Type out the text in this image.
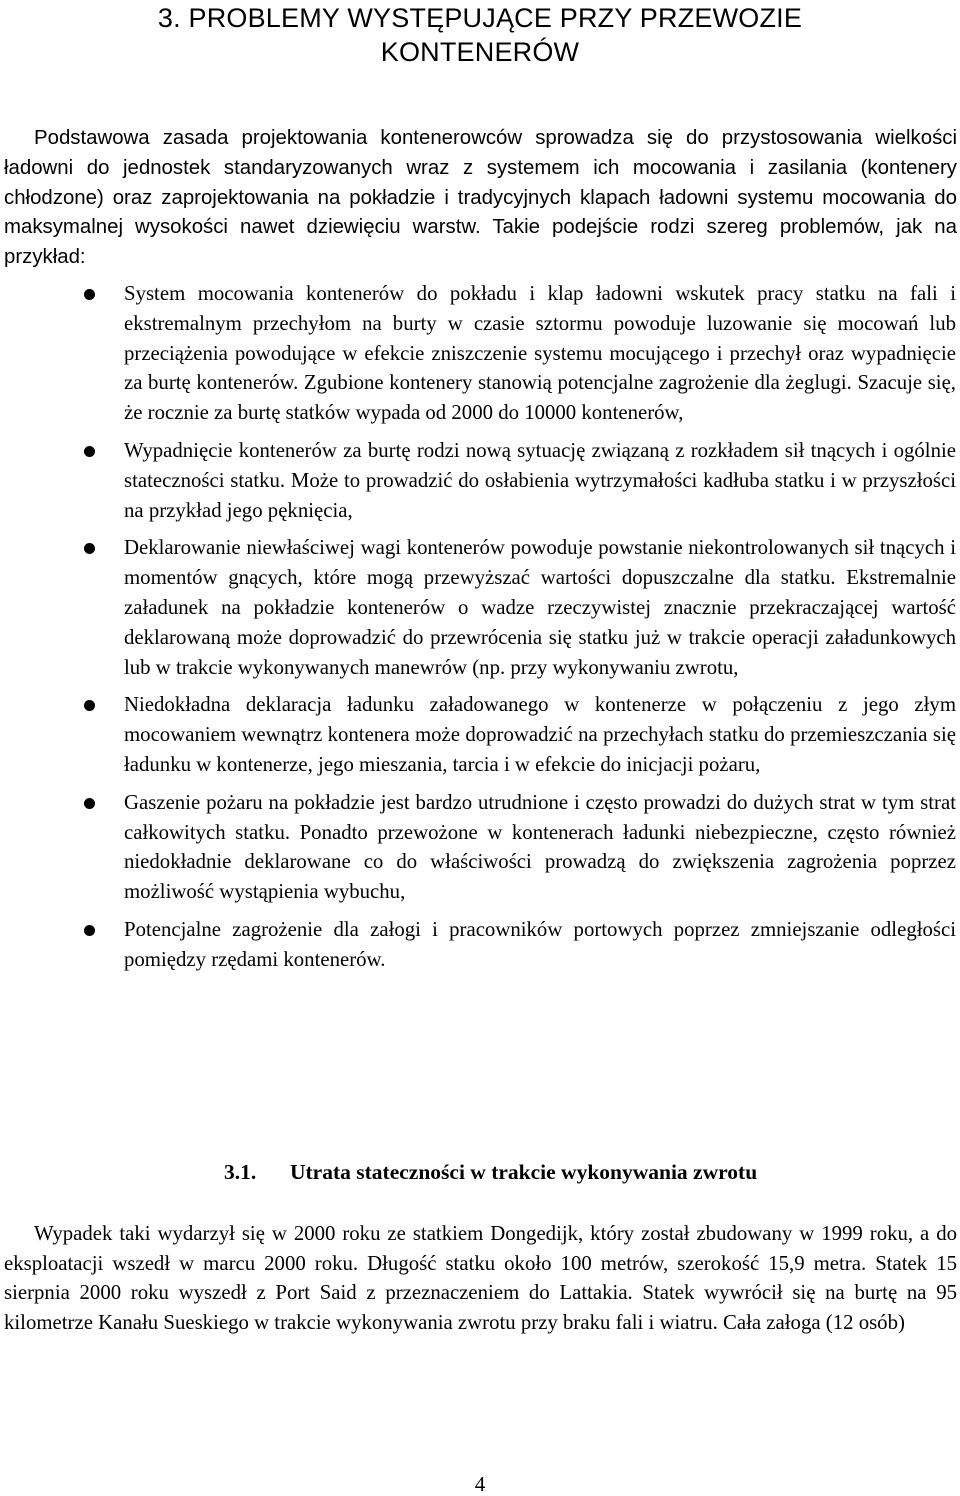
3. PROBLEMY WYSTĘPUJĄCE PRZY PRZEWOZIE
KONTENERÓW

Podstawowa zasada projektowania kontenerowców sprowadza się do przystosowania wielkości ładowni do jednostek standaryzowanych wraz z systemem ich mocowania i zasilania (kontenery chłodzone) oraz zaprojektowania na pokładzie i tradycyjnych klapach ładowni systemu mocowania do maksymalnej wysokości nawet dziewięciu warstw. Takie podejście rodzi szereg problemów, jak na przykład:

System mocowania kontenerów do pokładu i klap ładowni wskutek pracy statku na fali i ekstremalnym przechyłom na burty w czasie sztormu powoduje luzowanie się mocowań lub przeciążenia powodujące w efekcie zniszczenie systemu mocującego i przechył oraz wypadnięcie za burtę kontenerów. Zgubione kontenery stanowią potencjalne zagrożenie dla żeglugi. Szacuje się, że rocznie za burtę statków wypada od 2000 do 10000 kontenerów,
Wypadnięcie kontenerów za burtę rodzi nową sytuację związaną z rozkładem sił tnących i ogólnie stateczności statku. Może to prowadzić do osłabienia wytrzymałości kadłuba statku i w przyszłości na przykład jego pęknięcia,
Deklarowanie niewłaściwej wagi kontenerów powoduje powstanie niekontrolowanych sił tnących i momentów gnących, które mogą przewyższać wartości dopuszczalne dla statku. Ekstremalnie załadunek na pokładzie kontenerów o wadze rzeczywistej znacznie przekraczającej wartość deklarowaną może doprowadzić do przewrócenia się statku już w trakcie operacji załadunkowych lub w trakcie wykonywanych manewrów (np. przy wykonywaniu zwrotu,
Niedokładna deklaracja ładunku załadowanego w kontenerze w połączeniu z jego złym mocowaniem wewnątrz kontenera może doprowadzić na przechyłach statku do przemieszczania się ładunku w kontenerze, jego mieszania, tarcia i w efekcie do inicjacji pożaru,
Gaszenie pożaru na pokładzie jest bardzo utrudnione i często prowadzi do dużych strat w tym strat całkowitych statku. Ponadto przewożone w kontenerach ładunki niebezpieczne, często również niedokładnie deklarowane co do właściwości prowadzą do zwiększenia zagrożenia poprzez możliwość wystąpienia wybuchu,
Potencjalne zagrożenie dla załogi i pracowników portowych poprzez zmniejszanie odległości pomiędzy rzędami kontenerów.
3.1. Utrata stateczności w trakcie wykonywania zwrotu

Wypadek taki wydarzył się w 2000 roku ze statkiem Dongedijk, który został zbudowany w 1999 roku, a do eksploatacji wszedł w marcu 2000 roku. Długość statku około 100 metrów, szerokość 15,9 metra. Statek 15 sierpnia 2000 roku wyszedł z Port Said z przeznaczeniem do Lattakia. Statek wywrócił się na burtę na 95 kilometrze Kanału Sueskiego w trakcie wykonywania zwrotu przy braku fali i wiatru. Cała załoga (12 osób)

4
